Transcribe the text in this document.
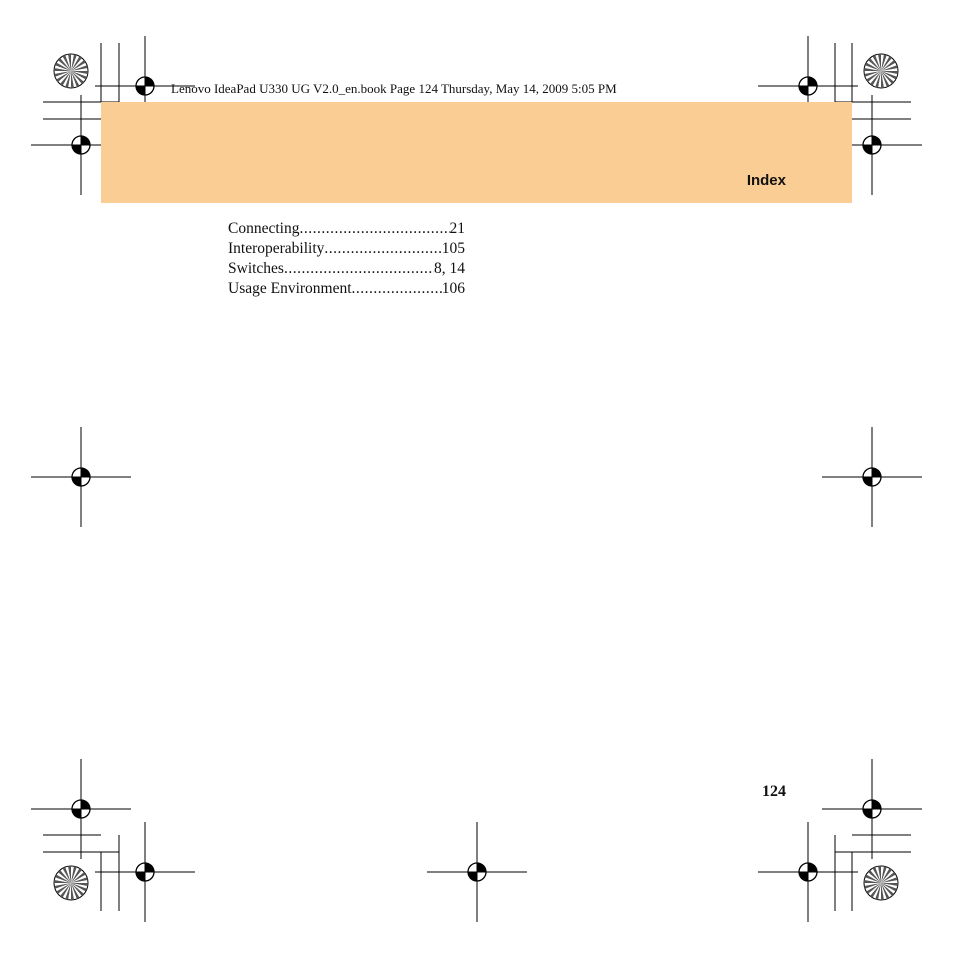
Lenovo IdeaPad U330 UG V2.0_en.book Page 124 Thursday, May 14, 2009 5:05 PM
Index
Connecting .....	21
Interoperability .....	105
Switches .....	8, 14
Usage Environment .....	106
124
